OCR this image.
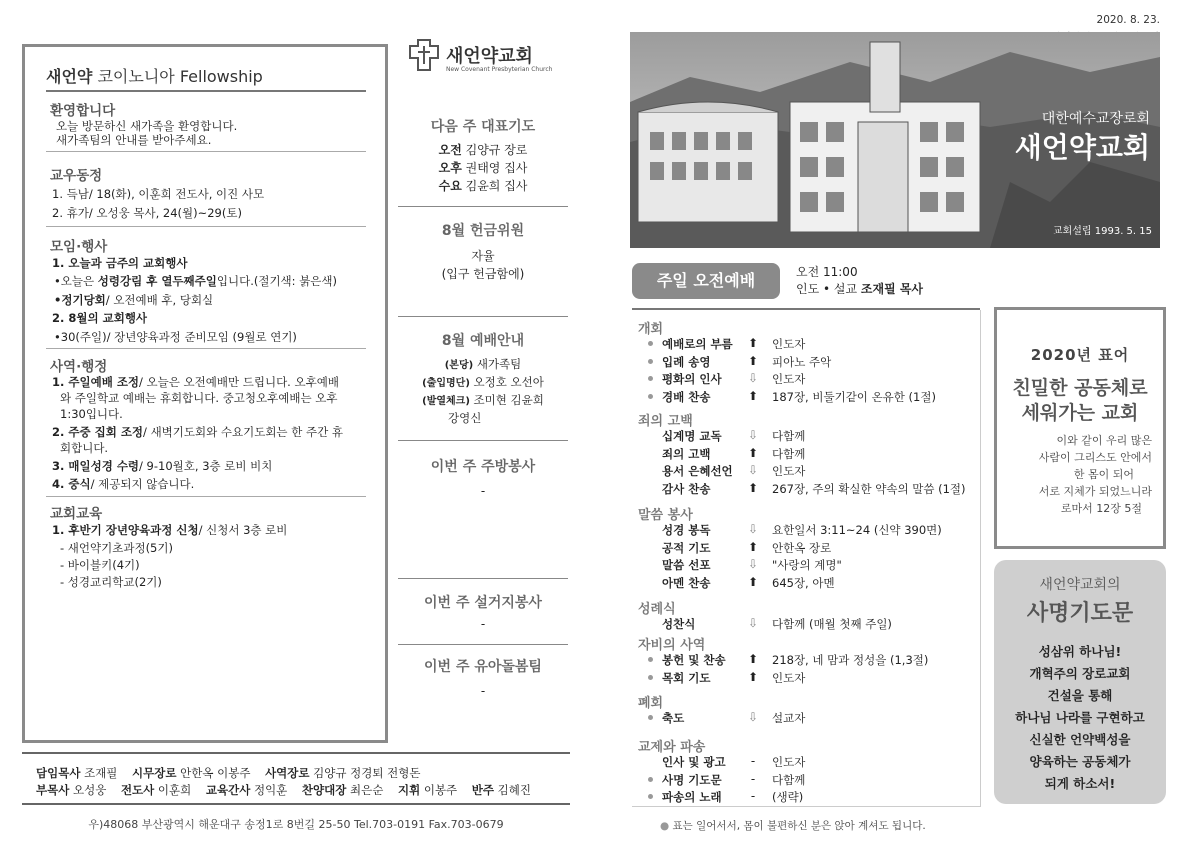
새언약 코이노니아 Fellowship
환영합니다
오늘 방문하신 새가족을 환영합니다.
새가족팀의 안내를 받아주세요.
교우동정
1. 득남/ 18(화), 이훈희 전도사, 이진 사모
2. 휴가/ 오성웅 목사, 24(월)~29(토)
모임·행사
1. 오늘과 금주의 교회행사
•오늘은 성령강림 후 열두째주일입니다.(절기색: 붉은색)
•정기당회/ 오전예배 후, 당회실
2. 8월의 교회행사
•30(주일)/ 장년양육과정 준비모임 (9월로 연기)
사역·행정
1. 주일예배 조정/ 오늘은 오전예배만 드립니다. 오후예배
와 주일학교 예배는 휴회합니다. 중고청오후예배는 오후
1:30입니다.
2. 주중 집회 조정/ 새벽기도회와 수요기도회는 한 주간 휴
회합니다.
3. 매일성경 수령/ 9-10월호, 3층 로비 비치
4. 중식/ 제공되지 않습니다.
교회교육
1. 후반기 장년양육과정 신청/ 신청서 3층 로비
- 새언약기초과정(5기)
- 바이블키(4기)
- 성경교리학교(2기)
새언약교회
New Covenant Presbyterian Church
다음 주 대표기도
오전 김양규 장로
오후 권태영 집사
수요 김윤희 집사
8월 헌금위원
자율
(입구 헌금함에)
8월 예배안내
(본당) 새가족팀
(출입명단) 오정호 오선아
(발열체크) 조미현 김윤희
강영신
이번 주 주방봉사
-
이번 주 설거지봉사
-
이번 주 유아돌봄팀
-
담임목사 조재필 시무장로 안한옥 이봉주 사역장로 김양규 정경퇴 전형돈
부목사 오성웅 전도사 이훈희 교육간사 정익훈 찬양대장 최은순 지휘 이봉주 반주 김혜진
우)48068 부산광역시 해운대구 송정1로 8번길 25-50 Tel.703-0191 Fax.703-0679
2020. 8. 23.
대한예수교장로회
새언약교회
교회설립 1993. 5. 15
주일 오전예배	오전 11:00
인도 • 설교 조재필 목사
개회
예배로의 부름 ⬆ 인도자
입례 송영	⬆ 피아노 주악
평화의 인사 ⇩ 인도자
경배 찬송	⬆ 187장, 비둘기같이 온유한 (1절)
죄의 고백
십계명 교독 ⇩ 다함께
죄의 고백	⬆ 다함께
용서 은혜선언 ⇩ 인도자
감사 찬송	⬆ 267장, 주의 확실한 약속의 말씀 (1절)
말씀 봉사
성경 봉독	⇩ 요한일서 3:11~24 (신약 390면)
공적 기도	⬆ 안한옥 장로
말씀 선포	⇩ "사랑의 계명"
아멘 찬송	⬆ 645장, 아멘
성례식
성찬식	⇩ 다함께 (매월 첫째 주일)
자비의 사역
봉헌 및 찬송 ⬆ 218장, 네 맘과 정성을 (1,3절)
목회 기도	⬆ 인도자
폐회
축도	⇩ 설교자
교제와 파송
인사 및 광고	-	인도자
사명 기도문	-	다함께
파송의 노래	-	(생략)
● 표는 일어서서, 몸이 불편하신 분은 앉아 계셔도 됩니다.
2020년 표어
친밀한 공동체로
세워가는 교회
이와 같이 우리 많은
사람이 그리스도 안에서
한 몸이 되어
서로 지체가 되었느니라
로마서 12장 5절
새언약교회의
사명기도문
성삼위 하나님!
개혁주의 장로교회
건설을 통해
하나님 나라를 구현하고
신실한 언약백성을
양육하는 공동체가
되게 하소서!
